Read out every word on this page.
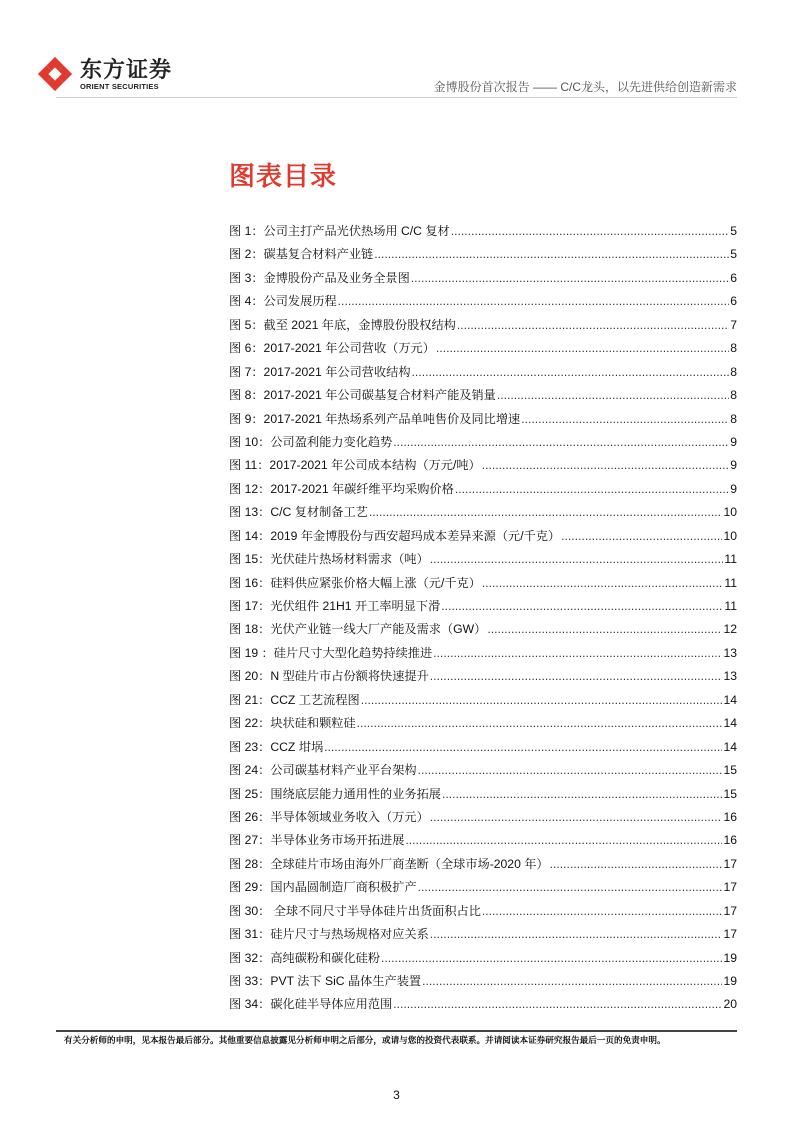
东方证券
ORIENT SECURITIES	金博股份首次报告 —— C/C龙头，以先进供给创造新需求
图表目录
图 1：公司主打产品光伏热场用 C/C 复材 .....	5
图 2：碳基复合材料产业链 .....	5
图 3：金博股份产品及业务全景图 .....	6
图 4：公司发展历程 .....	6
图 5：截至 2021 年底，金博股份股权结构 .....	7
图 6：2017-2021 年公司营收（万元） .....	8
图 7：2017-2021 年公司营收结构 .....	8
图 8：2017-2021 年公司碳基复合材料产能及销量 .....	8
图 9：2017-2021 年热场系列产品单吨售价及同比增速 .....	8
图 10：公司盈利能力变化趋势 .....	9
图 11：2017-2021 年公司成本结构（万元/吨） .....	9
图 12：2017-2021 年碳纤维平均采购价格 .....	9
图 13：C/C 复材制备工艺 .....	10
图 14：2019 年金博股份与西安超玛成本差异来源（元/千克） .....	10
图 15：光伏硅片热场材料需求（吨） .....	11
图 16：硅料供应紧张价格大幅上涨（元/千克） .....	11
图 17：光伏组件 21H1 开工率明显下滑 .....	11
图 18：光伏产业链一线大厂产能及需求（GW） .....	12
图 19 ：硅片尺寸大型化趋势持续推进 .....	13
图 20：N 型硅片市占份额将快速提升 .....	13
图 21：CCZ 工艺流程图 .....	14
图 22：块状硅和颗粒硅 .....	14
图 23：CCZ 坩埚 .....	14
图 24：公司碳基材料产业平台架构 .....	15
图 25：围绕底层能力通用性的业务拓展 .....	15
图 26：半导体领域业务收入（万元） .....	16
图 27：半导体业务市场开拓进展 .....	16
图 28：全球硅片市场由海外厂商垄断（全球市场-2020 年） .....	17
图 29：国内晶圆制造厂商积极扩产 .....	17
图 30： 全球不同尺寸半导体硅片出货面积占比 .....	17
图 31：硅片尺寸与热场规格对应关系 .....	17
图 32：高纯碳粉和碳化硅粉 .....	19
图 33：PVT 法下 SiC 晶体生产装置 .....	19
图 34：碳化硅半导体应用范围 .....	20
有关分析师的申明，见本报告最后部分。其他重要信息披露见分析师申明之后部分，或请与您的投资代表联系。并请阅读本证券研究报告最后一页的免责申明。
3
